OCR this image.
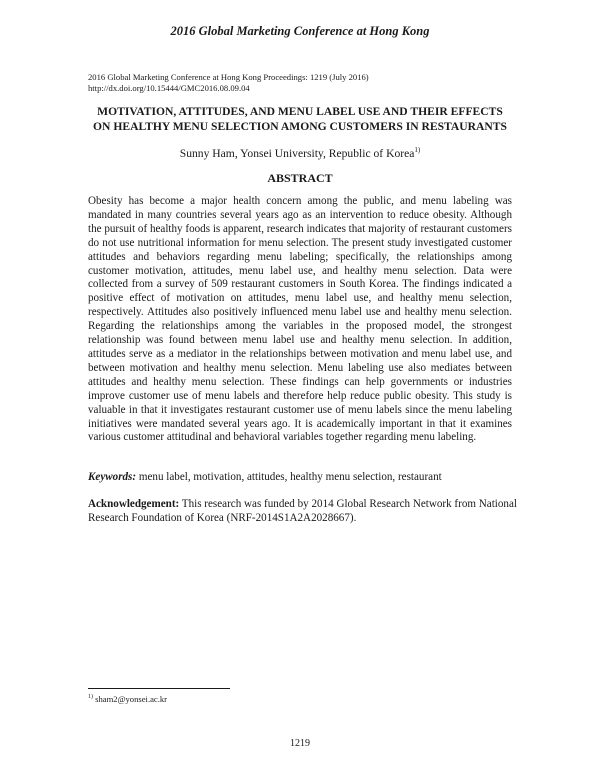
2016 Global Marketing Conference at Hong Kong
2016 Global Marketing Conference at Hong Kong Proceedings: 1219 (July 2016)
http://dx.doi.org/10.15444/GMC2016.08.09.04
MOTIVATION, ATTITUDES, AND MENU LABEL USE AND THEIR EFFECTS
ON HEALTHY MENU SELECTION AMONG CUSTOMERS IN RESTAURANTS
Sunny Ham, Yonsei University, Republic of Korea$^{1)}$
ABSTRACT

Obesity has become a major health concern among the public, and menu labeling was mandated in many countries several years ago as an intervention to reduce obesity. Although the pursuit of healthy foods is apparent, research indicates that majority of restaurant customers do not use nutritional information for menu selection. The present study investigated customer attitudes and behaviors regarding menu labeling; specifically, the relationships among customer motivation, attitudes, menu label use, and healthy menu selection. Data were collected from a survey of 509 restaurant customers in South Korea. The findings indicated a positive effect of motivation on attitudes, menu label use, and healthy menu selection, respectively. Attitudes also positively influenced menu label use and healthy menu selection. Regarding the relationships among the variables in the proposed model, the strongest relationship was found between menu label use and healthy menu selection. In addition, attitudes serve as a mediator in the relationships between motivation and menu label use, and between motivation and healthy menu selection. Menu labeling use also mediates between attitudes and healthy menu selection. These findings can help governments or industries improve customer use of menu labels and therefore help reduce public obesity. This study is valuable in that it investigates restaurant customer use of menu labels since the menu labeling initiatives were mandated several years ago. It is academically important in that it examines various customer attitudinal and behavioral variables together regarding menu labeling.

Keywords: menu label, motivation, attitudes, healthy menu selection, restaurant
Acknowledgement: This research was funded by 2014 Global Research Network from National Research Foundation of Korea (NRF-2014S1A2A2028667).
$^{1)}$ sham2@yonsei.ac.kr
1219
